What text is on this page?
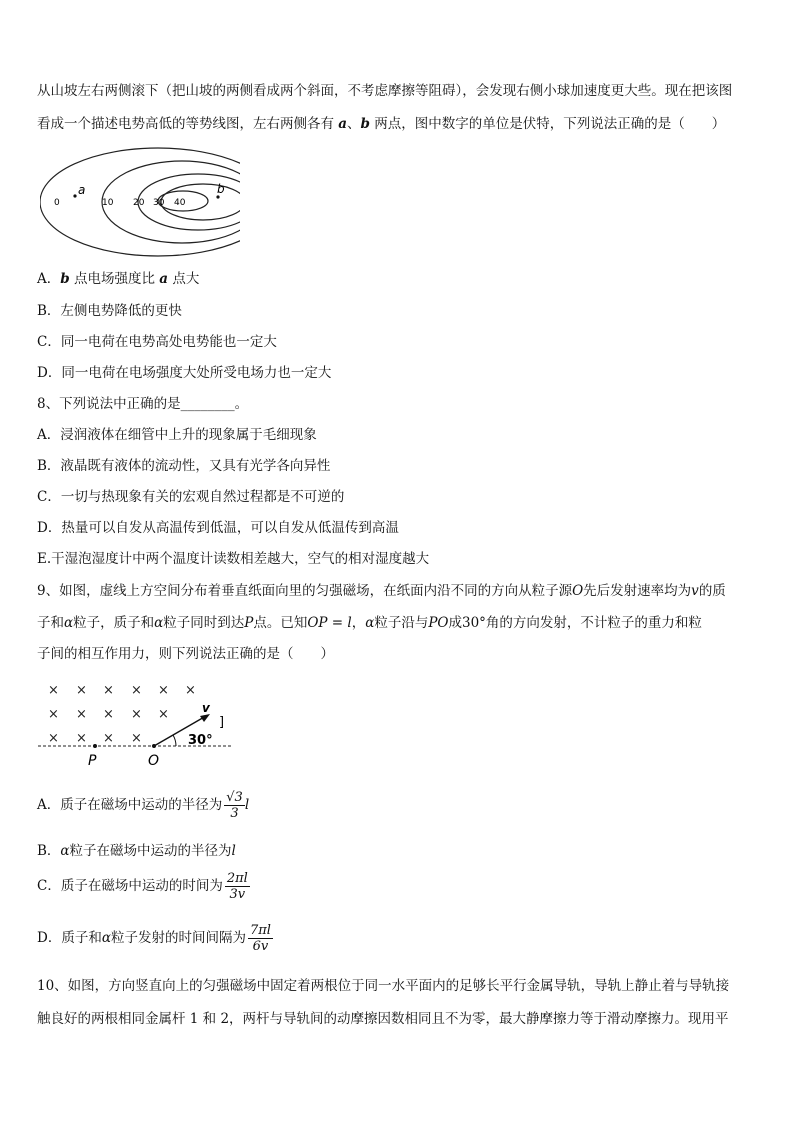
从山坡左右两侧滚下（把山坡的两侧看成两个斜面，不考虑摩擦等阻碍），会发现右侧小球加速度更大些。现在把该图
看成一个描述电势高低的等势线图，左右两侧各有 a、b 两点，图中数字的单位是伏特，下列说法正确的是（　　）
0	10 20 30 40
a	b
A．b 点电场强度比 a 点大
B．左侧电势降低的更快
C．同一电荷在电势高处电势能也一定大
D．同一电荷在电场强度大处所受电场力也一定大
8、下列说法中正确的是________。
A．浸润液体在细管中上升的现象属于毛细现象
B．液晶既有液体的流动性，又具有光学各向异性
C．一切与热现象有关的宏观自然过程都是不可逆的
D．热量可以自发从高温传到低温，可以自发从低温传到高温
E.干湿泡湿度计中两个温度计读数相差越大，空气的相对湿度越大
9、如图，虚线上方空间分布着垂直纸面向里的匀强磁场，在纸面内沿不同的方向从粒子源O先后发射速率均为v的质
子和α粒子，质子和α粒子同时到达P点。已知OP = l，α粒子沿与PO成30°角的方向发射，不计粒子的重力和粒
子间的相互作用力，则下列说法正确的是（　　）
× × × × × ×
× × × × ×
× × × ×
v
30°
]
P	O
A．质子在磁场中运动的半径为 $\frac{√3}{3}$ l
B．α粒子在磁场中运动的半径为l
C．质子在磁场中运动的时间为 $\frac{2\pi l}{3v}$
D．质子和α粒子发射的时间间隔为 $\frac{7\pi l}{6v}$
10、如图，方向竖直向上的匀强磁场中固定着两根位于同一水平面内的足够长平行金属导轨，导轨上静止着与导轨接
触良好的两根相同金属杆 1 和 2，两杆与导轨间的动摩擦因数相同且不为零，最大静摩擦力等于滑动摩擦力。现用平
